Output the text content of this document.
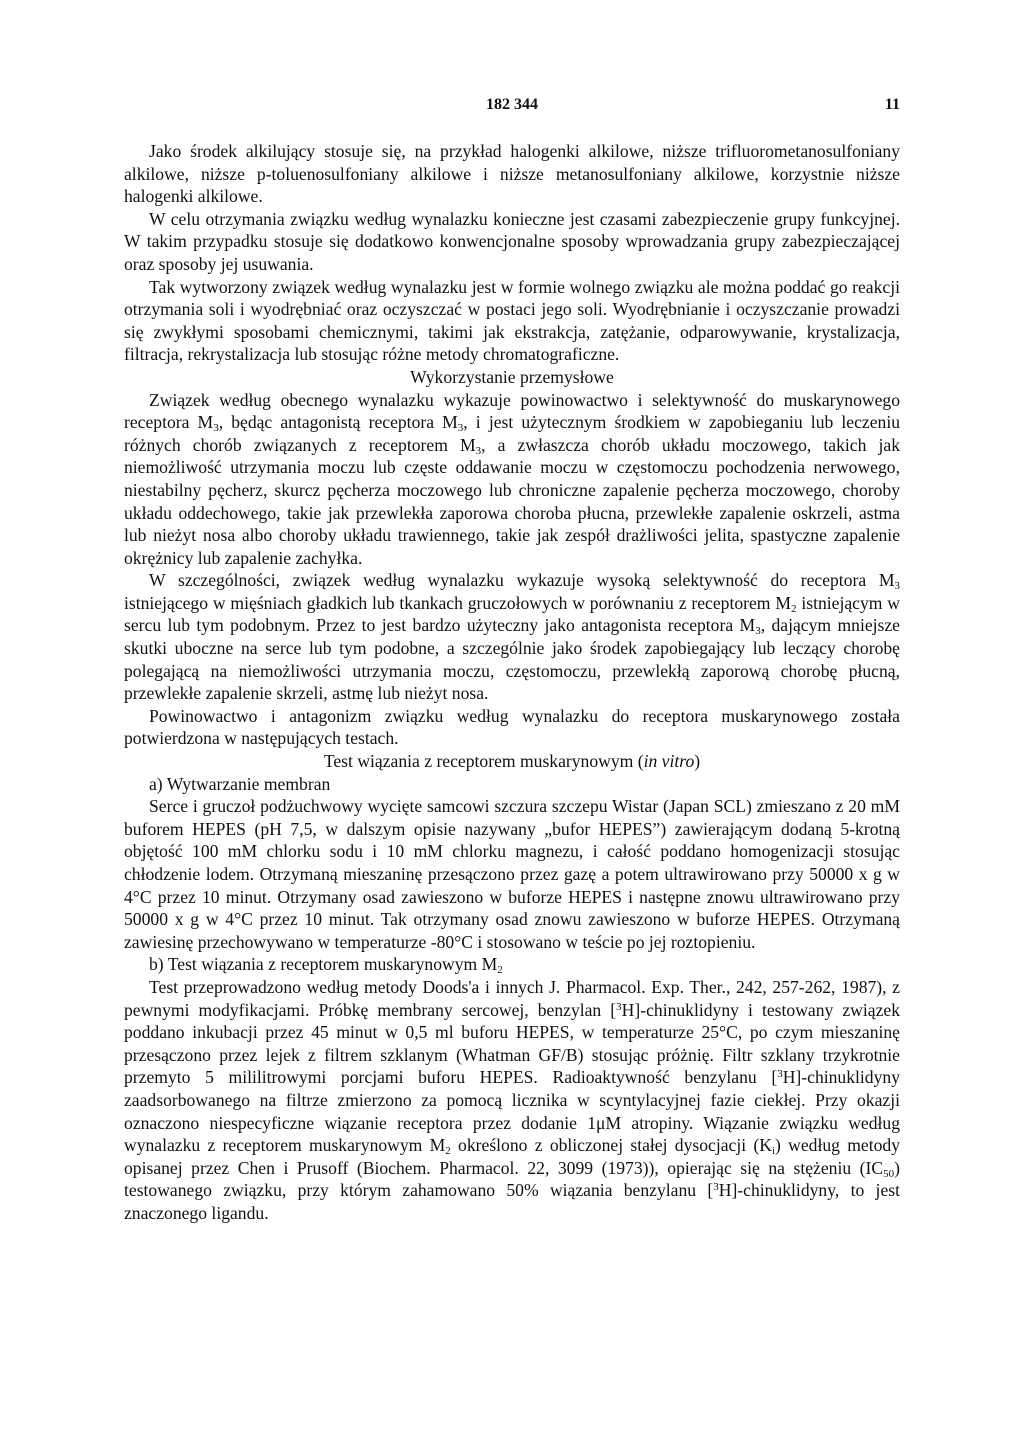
182 344	11

Jako środek alkilujący stosuje się, na przykład halogenki alkilowe, niższe trifluorometanosulfoniany alkilowe, niższe p-toluenosulfoniany alkilowe i niższe metanosulfoniany alkilowe, korzystnie niższe halogenki alkilowe.

W celu otrzymania związku według wynalazku konieczne jest czasami zabezpieczenie grupy funkcyjnej. W takim przypadku stosuje się dodatkowo konwencjonalne sposoby wprowadzania grupy zabezpieczającej oraz sposoby jej usuwania.

Tak wytworzony związek według wynalazku jest w formie wolnego związku ale można poddać go reakcji otrzymania soli i wyodrębniać oraz oczyszczać w postaci jego soli. Wyodrębnianie i oczyszczanie prowadzi się zwykłymi sposobami chemicznymi, takimi jak ekstrakcja, zatężanie, odparowywanie, krystalizacja, filtracja, rekrystalizacja lub stosując różne metody chromatograficzne.

Wykorzystanie przemysłowe

Związek według obecnego wynalazku wykazuje powinowactwo i selektywność do muskarynowego receptora $M_3$, będąc antagonistą receptora $M_3$, i jest użytecznym środkiem w zapobieganiu lub leczeniu różnych chorób związanych z receptorem $M_3$, a zwłaszcza chorób układu moczowego, takich jak niemożliwość utrzymania moczu lub częste oddawanie moczu w częstomoczu pochodzenia nerwowego, niestabilny pęcherz, skurcz pęcherza moczowego lub chroniczne zapalenie pęcherza moczowego, choroby układu oddechowego, takie jak przewlekła zaporowa choroba płucna, przewlekłe zapalenie oskrzeli, astma lub nieżyt nosa albo choroby układu trawiennego, takie jak zespół drażliwości jelita, spastyczne zapalenie okrężnicy lub zapalenie zachyłka.

W szczególności, związek według wynalazku wykazuje wysoką selektywność do receptora $M_3$ istniejącego w mięśniach gładkich lub tkankach gruczołowych w porównaniu z receptorem $M_2$ istniejącym w sercu lub tym podobnym. Przez to jest bardzo użyteczny jako antagonista receptora $M_3$, dającym mniejsze skutki uboczne na serce lub tym podobne, a szczególnie jako środek zapobiegający lub leczący chorobę polegającą na niemożliwości utrzymania moczu, częstomoczu, przewlekłą zaporową chorobę płucną, przewlekłe zapalenie skrzeli, astmę lub nieżyt nosa.

Powinowactwo i antagonizm związku według wynalazku do receptora muskarynowego została potwierdzona w następujących testach.

Test wiązania z receptorem muskarynowym (in vitro)

a) Wytwarzanie membran

Serce i gruczoł podżuchwowy wycięte samcowi szczura szczepu Wistar (Japan SCL) zmieszano z 20 mM buforem HEPES (pH 7,5, w dalszym opisie nazywany „bufor HEPES”) zawierającym dodaną 5-krotną objętość 100 mM chlorku sodu i 10 mM chlorku magnezu, i całość poddano homogenizacji stosując chłodzenie lodem. Otrzymaną mieszaninę przesączono przez gazę a potem ultrawirowano przy 50000 x g w 4°C przez 10 minut. Otrzymany osad zawieszono w buforze HEPES i następne znowu ultrawirowano przy 50000 x g w 4°C przez 10 minut. Tak otrzymany osad znowu zawieszono w buforze HEPES. Otrzymaną zawiesinę przechowywano w temperaturze -80°C i stosowano w teście po jej roztopieniu.

b) Test wiązania z receptorem muskarynowym $M_2$

Test przeprowadzono według metody Doods'a i innych J. Pharmacol. Exp. Ther., 242, 257-262, 1987), z pewnymi modyfikacjami. Próbkę membrany sercowej, benzylan [$^3$H]-chinuklidyny i testowany związek poddano inkubacji przez 45 minut w 0,5 ml buforu HEPES, w temperaturze 25°C, po czym mieszaninę przesączono przez lejek z filtrem szklanym (Whatman GF/B) stosując próżnię. Filtr szklany trzykrotnie przemyto 5 mililitrowymi porcjami buforu HEPES. Radioaktywność benzylanu [$^3$H]-chinuklidyny zaadsorbowanego na filtrze zmierzono za pomocą licznika w scyntylacyjnej fazie ciekłej. Przy okazji oznaczono niespecyficzne wiązanie receptora przez dodanie 1μM atropiny. Wiązanie związku według wynalazku z receptorem muskarynowym $M_2$ określono z obliczonej stałej dysocjacji $(K_i)$ według metody opisanej przez Chen i Prusoff (Biochem. Pharmacol. 22, 3099 (1973)), opierając się na stężeniu $(IC_{50})$ testowanego związku, przy którym zahamowano 50% wiązania benzylanu [$^3$H]-chinuklidyny, to jest znaczonego ligandu.
